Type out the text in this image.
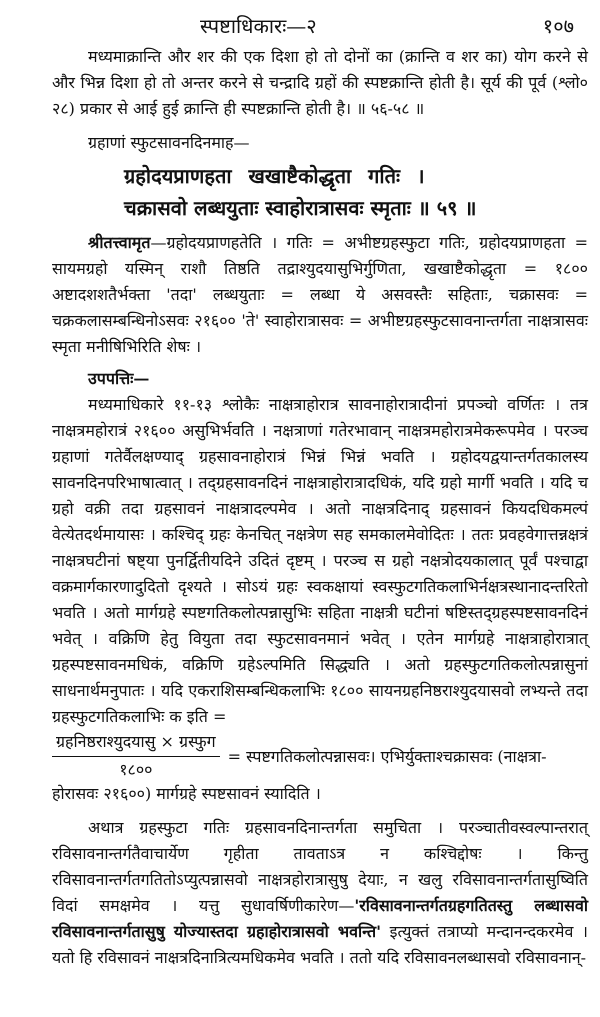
स्पष्टाधिकारः—२	१०७

मध्यमाक्रान्ति और शर की एक दिशा हो तो दोनों का (क्रान्ति व शर का) योग करने से और भिन्न दिशा हो तो अन्तर करने से चन्द्रादि ग्रहों की स्पष्टक्रान्ति होती है। सूर्य की पूर्व (श्लो० २८) प्रकार से आई हुई क्रान्ति ही स्पष्टक्रान्ति होती है। ॥ ५६-५८ ॥

ग्रहाणां स्फुटसावनदिनमाह—
ग्रहोदयप्राणहता खखाष्टैकोद्धृता गतिः ।
चक्रासवो लब्धयुताः स्वाहोरात्रासवः स्मृताः ॥ ५९ ॥

श्रीतत्त्वामृत—ग्रहोदयप्राणहतेति । गतिः = अभीष्टग्रहस्फुटा गतिः, ग्रहोदयप्राणहता = सायमग्रहो यस्मिन् राशौ तिष्ठति तद्राश्युदयासुभिर्गुणिता, खखाष्टैकोद्धृता = १८०० अष्टादशशतैर्भक्ता 'तदा' लब्धयुताः = लब्धा ये असवस्तैः सहिताः, चक्रासवः = चक्रकलासम्बन्धिनोऽसवः २१६०० 'ते' स्वाहोरात्रासवः = अभीष्टग्रहस्फुटसावनान्तर्गता नाक्षत्रासवः स्मृता मनीषिभिरिति शेषः ।

उपपत्तिः—

मध्यमाधिकारे ११-१३ श्लोकैः नाक्षत्राहोरात्र सावनाहोरात्रादीनां प्रपञ्चो वर्णितः । तत्र नाक्षत्रमहोरात्रं २१६०० असुभिर्भवति । नक्षत्राणां गतेरभावान् नाक्षत्रमहोरात्रमेकरूपमेव । परञ्च ग्रहाणां गतेर्वैलक्षण्याद् ग्रहसावनाहोरात्रं भिन्नं भिन्नं भवति । ग्रहोदयद्वयान्तर्गतकालस्य सावनदिनपरिभाषात्वात् । तद्ग्रहसावनदिनं नाक्षत्राहोरात्रादधिकं, यदि ग्रहो मार्गी भवति । यदि च ग्रहो वक्री तदा ग्रहसावनं नाक्षत्रादल्पमेव । अतो नाक्षत्रदिनाद् ग्रहसावनं कियदधिकमल्पं वेत्येतदर्थमायासः । कश्चिद् ग्रहः केनचित् नक्षत्रेण सह समकालमेवोदितः । ततः प्रवहवेगात्तन्नक्षत्रं नाक्षत्रघटीनां षष्ट्या पुनर्द्वितीयदिने उदितं दृष्टम् । परञ्च स ग्रहो नक्षत्रोदयकालात् पूर्वं पश्चाद्वा वक्रमार्गकारणादुदितो दृश्यते । सोऽयं ग्रहः स्वकक्षायां स्वस्फुटगतिकलाभिर्नक्षत्रस्थानादन्तरितो भवति । अतो मार्गग्रहे स्पष्टगतिकलोत्पन्नासुभिः सहिता नाक्षत्री घटीनां षष्टिस्तद्ग्रहस्पष्टसावनदिनं भवेत् । वक्रिणि हेतु वियुता तदा स्फुटसावनमानं भवेत् । एतेन मार्गग्रहे नाक्षत्राहोरात्रात् ग्रहस्पष्टसावनमधिकं, वक्रिणि ग्रहेऽल्पमिति सिद्ध्यति । अतो ग्रहस्फुटगतिकलोत्पन्नासुनां साधनार्थमनुपातः । यदि एकराशिसम्बन्धिकलाभिः १८०० सायनग्रहनिष्ठराश्युदयासवो लभ्यन्ते तदा ग्रहस्फुटगतिकलाभिः क इति =

$\frac{\text{ग्रहनिष्ठराश्युदयासु × ग्रस्फुग}}{१८००}$ = स्पष्टगतिकलोत्पन्नासवः। एभिर्युक्ताश्चक्रासवः (नाक्षत्रा-

होरासवः २१६००) मार्गग्रहे स्पष्टसावनं स्यादिति ।

अथात्र ग्रहस्फुटा गतिः ग्रहसावनदिनान्तर्गता समुचिता । परञ्चातीवस्वल्पान्तरात् रविसावनान्तर्गतैवाचार्येण गृहीता तावताऽत्र न कश्चिद्दोषः । किन्तु रविसावनान्तर्गतगतितोऽप्युत्पन्नासवो नाक्षत्रहोरात्रासुषु देयाः, न खलु रविसावनान्तर्गतासुष्विति विदां समक्षमेव । यत्तु सुधावर्षिणीकारेण—'रविसावनान्तर्गतग्रहगतितस्तु लब्धासवो रविसावनान्तर्गतासुषु योज्यास्तदा ग्रहाहोरात्रासवो भवन्ति' इत्युक्तं तत्राप्यो मन्दानन्दकरमेव । यतो हि रविसावनं नाक्षत्रदिनात्रित्यमधिकमेव भवति । ततो यदि रविसावनलब्धासवो रविसावनान्-
